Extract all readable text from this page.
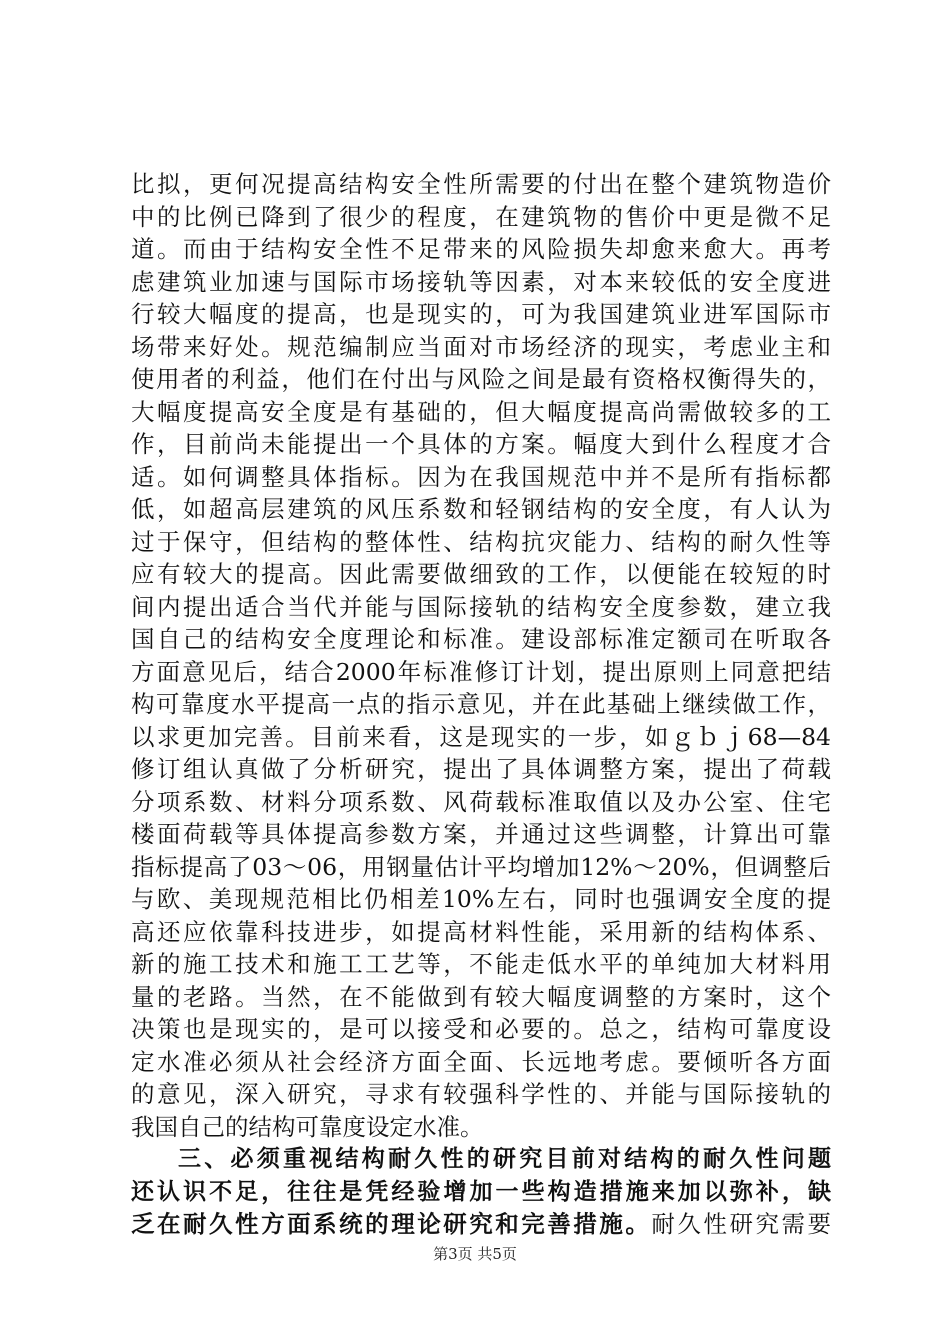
比拟，更何况提高结构安全性所需要的付出在整个建筑物造价
中的比例已降到了很少的程度，在建筑物的售价中更是微不足
道。而由于结构安全性不足带来的风险损失却愈来愈大。再考
虑建筑业加速与国际市场接轨等因素，对本来较低的安全度进
行较大幅度的提高，也是现实的，可为我国建筑业进军国际市
场带来好处。规范编制应当面对市场经济的现实，考虑业主和
使用者的利益，他们在付出与风险之间是最有资格权衡得失的，
大幅度提高安全度是有基础的，但大幅度提高尚需做较多的工
作，目前尚未能提出一个具体的方案。幅度大到什么程度才合
适。如何调整具体指标。因为在我国规范中并不是所有指标都
低，如超高层建筑的风压系数和轻钢结构的安全度，有人认为
过于保守，但结构的整体性、结构抗灾能力、结构的耐久性等
应有较大的提高。因此需要做细致的工作，以便能在较短的时
间内提出适合当代并能与国际接轨的结构安全度参数，建立我
国自己的结构安全度理论和标准。建设部标准定额司在听取各
方面意见后，结合2000年标准修订计划，提出原则上同意把结
构可靠度水平提高一点的指示意见，并在此基础上继续做工作，
以求更加完善。目前来看，这是现实的一步，如ｇｂｊ68—84
修订组认真做了分析研究，提出了具体调整方案，提出了荷载
分项系数、材料分项系数、风荷载标准取值以及办公室、住宅
楼面荷载等具体提高参数方案，并通过这些调整，计算出可靠
指标提高了03～06，用钢量估计平均增加12%～20%，但调整后
与欧、美现规范相比仍相差10%左右，同时也强调安全度的提
高还应依靠科技进步，如提高材料性能，采用新的结构体系、
新的施工技术和施工工艺等，不能走低水平的单纯加大材料用
量的老路。当然，在不能做到有较大幅度调整的方案时，这个
决策也是现实的，是可以接受和必要的。总之，结构可靠度设
定水准必须从社会经济方面全面、长远地考虑。要倾听各方面
的意见，深入研究，寻求有较强科学性的、并能与国际接轨的
我国自己的结构可靠度设定水准。
三、必须重视结构耐久性的研究目前对结构的耐久性问题
还认识不足，往往是凭经验增加一些构造措施来加以弥补，缺
乏在耐久性方面系统的理论研究和完善措施。耐久性研究需要
第3页 共5页
